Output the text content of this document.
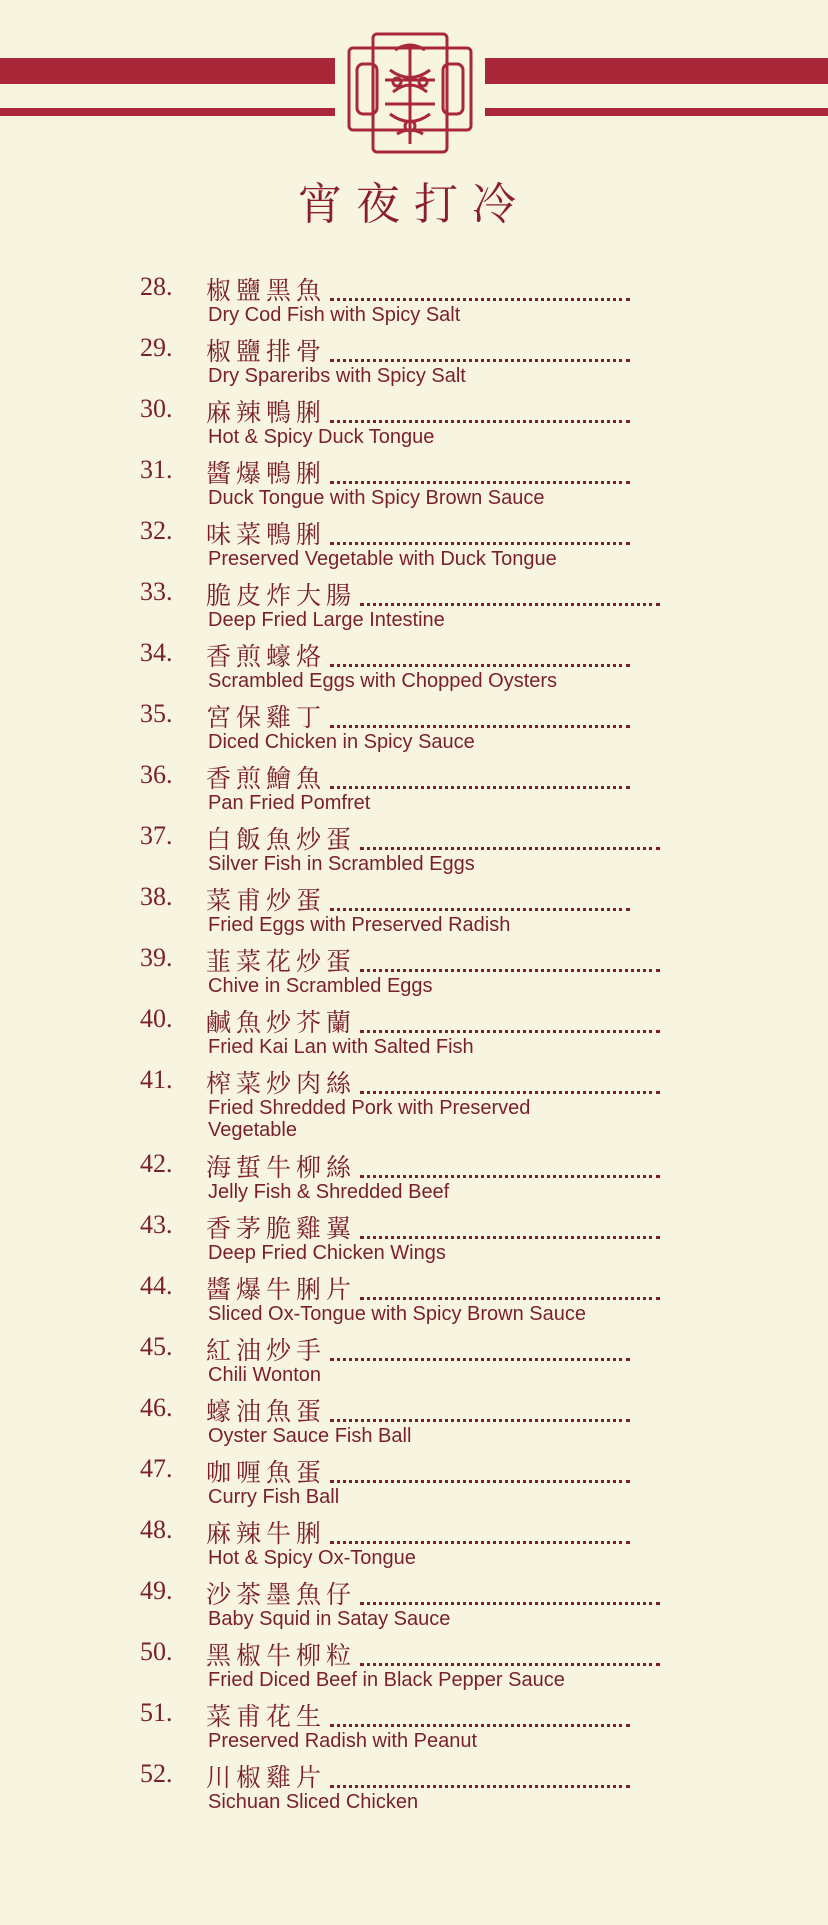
宵夜打冷
28.	椒鹽黑魚
Dry Cod Fish with Spicy Salt
29.	椒鹽排骨
Dry Spareribs with Spicy Salt
30.	麻辣鴨脷
Hot & Spicy Duck Tongue
31.	醬爆鴨脷
Duck Tongue with Spicy Brown Sauce
32.	味菜鴨脷
Preserved Vegetable with Duck Tongue
33.	脆皮炸大腸
Deep Fried Large Intestine
34.	香煎蠔烙
Scrambled Eggs with Chopped Oysters
35.	宮保雞丁
Diced Chicken in Spicy Sauce
36.	香煎鱠魚
Pan Fried Pomfret
37.	白飯魚炒蛋
Silver Fish in Scrambled Eggs
38.	菜甫炒蛋
Fried Eggs with Preserved Radish
39.	韮菜花炒蛋
Chive in Scrambled Eggs
40.	鹹魚炒芥蘭
Fried Kai Lan with Salted Fish
41.	榨菜炒肉絲
Fried Shredded Pork with Preserved Vegetable
42.	海蜇牛柳絲
Jelly Fish & Shredded Beef
43.	香茅脆雞翼
Deep Fried Chicken Wings
44.	醬爆牛脷片
Sliced Ox-Tongue with Spicy Brown Sauce
45.	紅油炒手
Chili Wonton
46.	蠔油魚蛋
Oyster Sauce Fish Ball
47.	咖喱魚蛋
Curry Fish Ball
48.	麻辣牛脷
Hot & Spicy Ox-Tongue
49.	沙茶墨魚仔
Baby Squid in Satay Sauce
50.	黑椒牛柳粒
Fried Diced Beef in Black Pepper Sauce
51.	菜甫花生
Preserved Radish with Peanut
52.	川椒雞片
Sichuan Sliced Chicken
